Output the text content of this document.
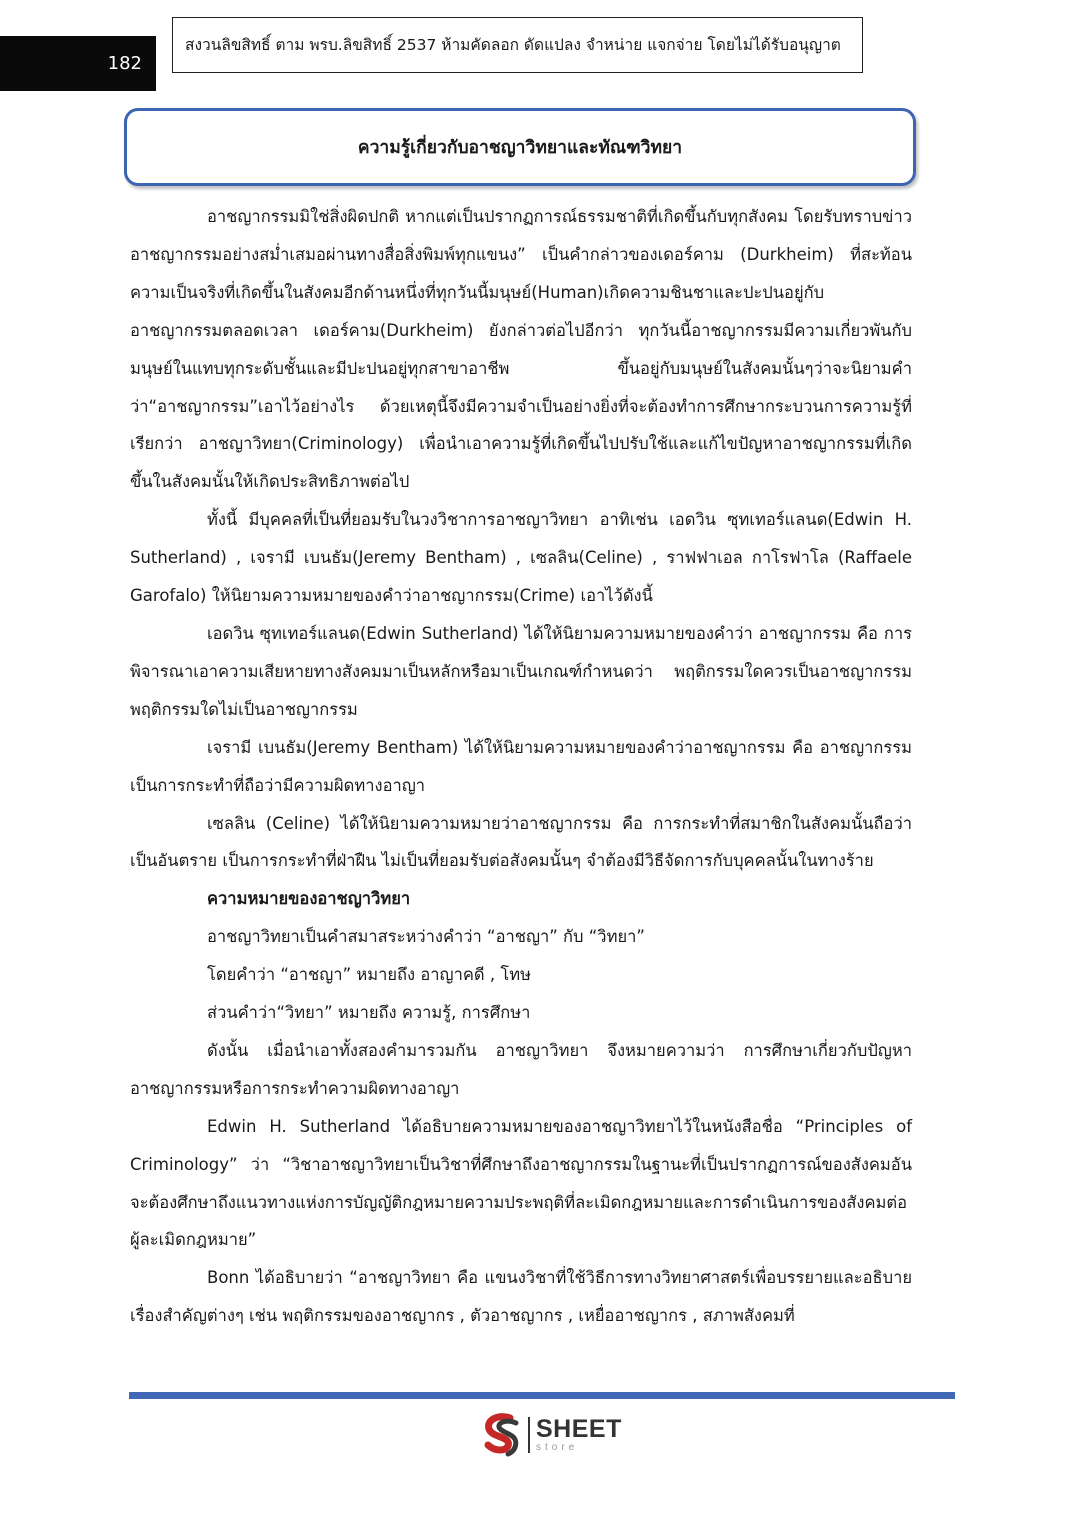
182
สงวนลิขสิทธิ์ ตาม พรบ.ลิขสิทธิ์ 2537 ห้ามคัดลอก ดัดแปลง จำหน่าย แจกจ่าย โดยไม่ได้รับอนุญาต
ความรู้เกี่ยวกับอาชญาวิทยาและทัณฑวิทยา

อาชญากรรมมิใช่สิ่งผิดปกติ หากแต่เป็นปรากฏการณ์ธรรมชาติที่เกิดขึ้นกับทุกสังคม โดยรับทราบข่าวอาชญากรรมอย่างสม่ำเสมอผ่านทางสื่อสิ่งพิมพ์ทุกแขนง” เป็นคำกล่าวของเดอร์คาม (Durkheim) ที่สะท้อนความเป็นจริงที่เกิดขึ้นในสังคมอีกด้านหนึ่งที่ทุกวันนี้มนุษย์(Human)เกิดความชินชาและปะปนอยู่กับอาชญากรรมตลอดเวลา เดอร์คาม(Durkheim) ยังกล่าวต่อไปอีกว่า ทุกวันนี้อาชญากรรมมีความเกี่ยวพันกับมนุษย์ในแทบทุกระดับชั้นและมีปะปนอยู่ทุกสาขาอาชีพ ขึ้นอยู่กับมนุษย์ในสังคมนั้นๆว่าจะนิยามคำว่า“อาชญากรรม”เอาไว้อย่างไร ด้วยเหตุนี้จึงมีความจำเป็นอย่างยิ่งที่จะต้องทำการศึกษากระบวนการความรู้ที่เรียกว่า อาชญาวิทยา(Criminology) เพื่อนำเอาความรู้ที่เกิดขึ้นไปปรับใช้และแก้ไขปัญหาอาชญากรรมที่เกิดขึ้นในสังคมนั้นให้เกิดประสิทธิภาพต่อไป

ทั้งนี้ มีบุคคลที่เป็นที่ยอมรับในวงวิชาการอาชญาวิทยา อาทิเช่น เอดวิน ซุทเทอร์แลนด(Edwin H. Sutherland) , เจรามี เบนธัม(Jeremy Bentham) , เซลลิน(Celine) , ราฟฟาเอล กาโรฟาโล (Raffaele Garofalo) ให้นิยามความหมายของคำว่าอาชญากรรม(Crime) เอาไว้ดังนี้

เอดวิน ซุทเทอร์แลนด(Edwin Sutherland) ได้ให้นิยามความหมายของคำว่า อาชญากรรม คือ การพิจารณาเอาความเสียหายทางสังคมมาเป็นหลักหรือมาเป็นเกณฑ์กำหนดว่า พฤติกรรมใดควรเป็นอาชญากรรม พฤติกรรมใดไม่เป็นอาชญากรรม

เจรามี เบนธัม(Jeremy Bentham) ได้ให้นิยามความหมายของคำว่าอาชญากรรม คือ อาชญากรรมเป็นการกระทำที่ถือว่ามีความผิดทางอาญา

เซลลิน (Celine) ได้ให้นิยามความหมายว่าอาชญากรรม คือ การกระทำที่สมาชิกในสังคมนั้นถือว่าเป็นอันตราย เป็นการกระทำที่ฝ่าฝืน ไม่เป็นที่ยอมรับต่อสังคมนั้นๆ จำต้องมีวิธีจัดการกับบุคคลนั้นในทางร้าย

ความหมายของอาชญาวิทยา

อาชญาวิทยาเป็นคำสมาสระหว่างคำว่า “อาชญา” กับ “วิทยา”

โดยคำว่า “อาชญา” หมายถึง อาญาคดี , โทษ

ส่วนคำว่า“วิทยา” หมายถึง ความรู้, การศึกษา

ดังนั้น เมื่อนำเอาทั้งสองคำมารวมกัน อาชญาวิทยา จึงหมายความว่า การศึกษาเกี่ยวกับปัญหาอาชญากรรมหรือการกระทำความผิดทางอาญา

Edwin H. Sutherland ได้อธิบายความหมายของอาชญาวิทยาไว้ในหนังสือชื่อ “Principles of Criminology” ว่า “วิชาอาชญาวิทยาเป็นวิชาที่ศึกษาถึงอาชญากรรมในฐานะที่เป็นปรากฏการณ์ของสังคมอันจะต้องศึกษาถึงแนวทางแห่งการบัญญัติกฎหมายความประพฤติที่ละเมิดกฎหมายและการดำเนินการของสังคมต่อผู้ละเมิดกฎหมาย”

Bonn ได้อธิบายว่า “อาชญาวิทยา คือ แขนงวิชาที่ใช้วิธีการทางวิทยาศาสตร์เพื่อบรรยายและอธิบายเรื่องสำคัญต่างๆ เช่น พฤติกรรมของอาชญากร , ตัวอาชญากร , เหยื่ออาชญากร , สภาพสังคมที่

SHEET
store
